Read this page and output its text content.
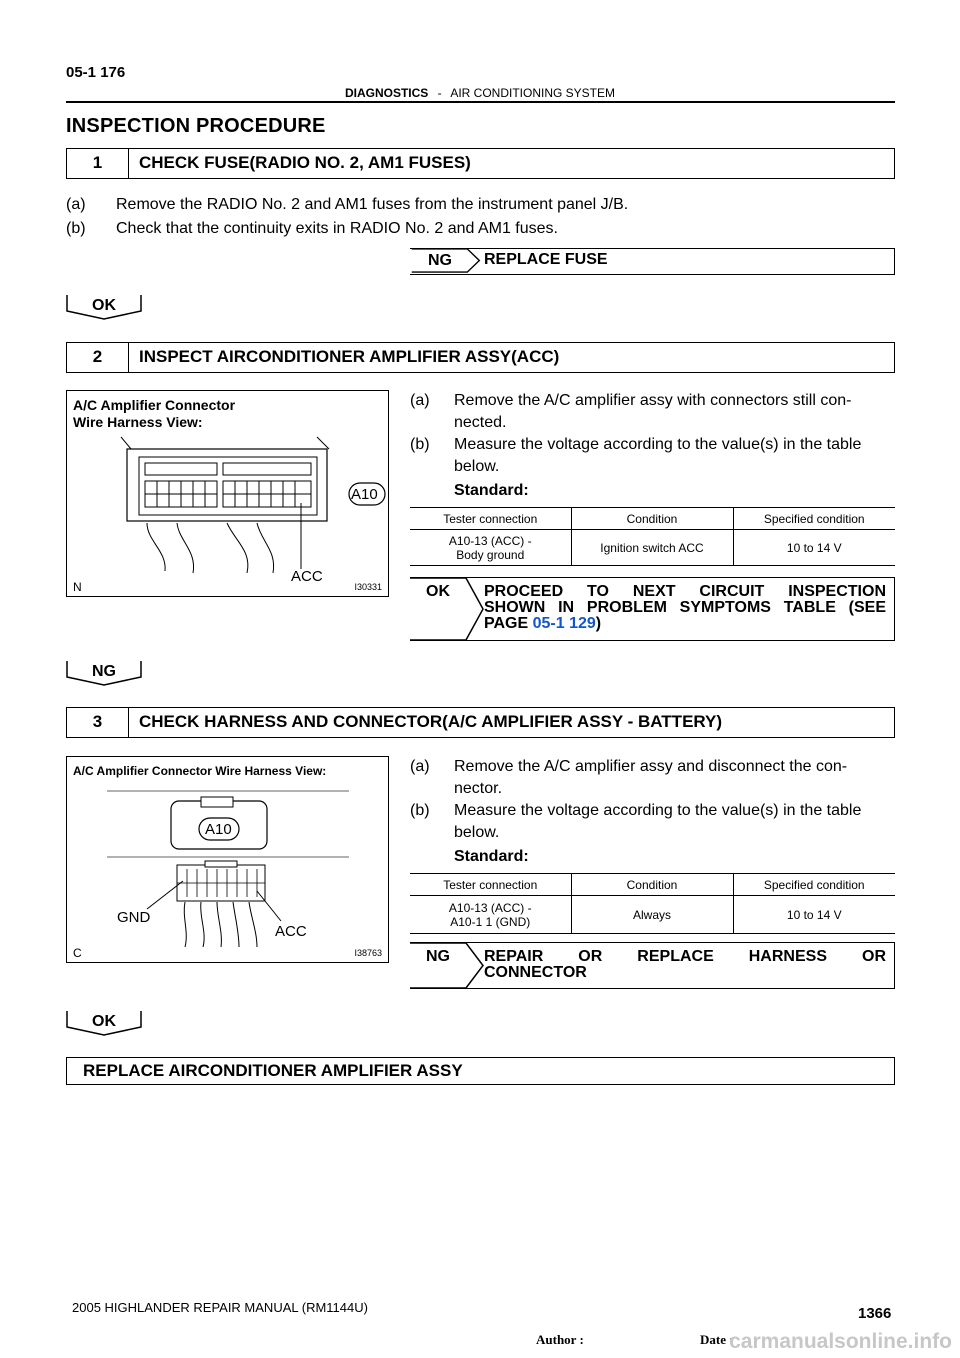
05-1 176
DIAGNOSTICS - AIR CONDITIONING SYSTEM
INSPECTION PROCEDURE
1	CHECK FUSE(RADIO NO. 2, AM1 FUSES)
(a) Remove the RADIO No. 2 and AM1 fuses from the instrument panel J/B.
(b) Check that the continuity exits in RADIO No. 2 and AM1 fuses.
NG REPLACE FUSE
OK
2	INSPECT AIRCONDITIONER AMPLIFIER ASSY(ACC)
A/C Amplifier Connector
Wire Harness View:
A10
ACC
N	I30331
(a) Remove the A/C amplifier assy with connectors still con-
nected.
(b) Measure the voltage according to the value(s) in the table
below.
Standard:
Tester connection	Condition	Specified condition

A10-13 (ACC) -
Body ground	Ignition switch ACC	10 to 14 V
OK PROCEED TO NEXT CIRCUIT INSPECTION
SHOWN IN PROBLEM SYMPTOMS TABLE (SEE
PAGE 05-1 129)
NG
3	CHECK HARNESS AND CONNECTOR(A/C AMPLIFIER ASSY - BATTERY)
A/C Amplifier Connector Wire Harness View:
A10
GND
ACC
C	I38763
(a) Remove the A/C amplifier assy and disconnect the con-
nector.
(b) Measure the voltage according to the value(s) in the table
below.
Standard:
Tester connection	Condition	Specified condition

A10-13 (ACC) -
A10-1 1 (GND)	Always	10 to 14 V
NG REPAIR OR REPLACE HARNESS OR
CONNECTOR
OK
REPLACE AIRCONDITIONER AMPLIFIER ASSY
2005 HIGHLANDER REPAIR MANUAL (RM1144U)	1366
Author :	Date :
carmanualsonline.info
